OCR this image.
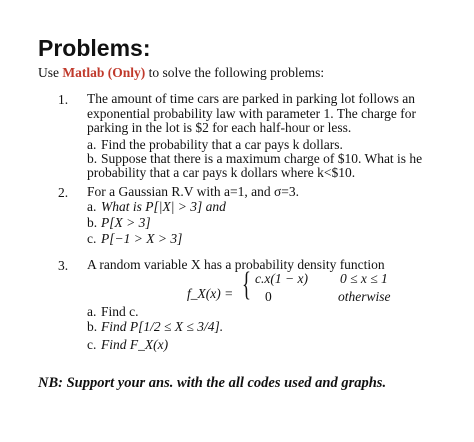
Problems:
Use Matlab (Only) to solve the following problems:
1. The amount of time cars are parked in parking lot follows an exponential probability law with parameter 1. The charge for parking in the lot is $2 for each half-hour or less.
a. Find the probability that a car pays k dollars.
b. Suppose that there is a maximum charge of $10. What is he probability that a car pays k dollars where k<$10.
2. For a Gaussian R.V with a=1, and σ=3.
a. What is P[|X| > 3] and
b. P[X > 3]
c. P[−1 > X > 3]
3. A random variable X has a probability density function
f_X(x) = { c.x(1 − x) 0 ≤ x ≤ 1
0	otherwise
a. Find c.
b. Find P[1/2 ≤ X ≤ 3/4].
c. Find F_X(x)
NB: Support your ans. with the all codes used and graphs.
